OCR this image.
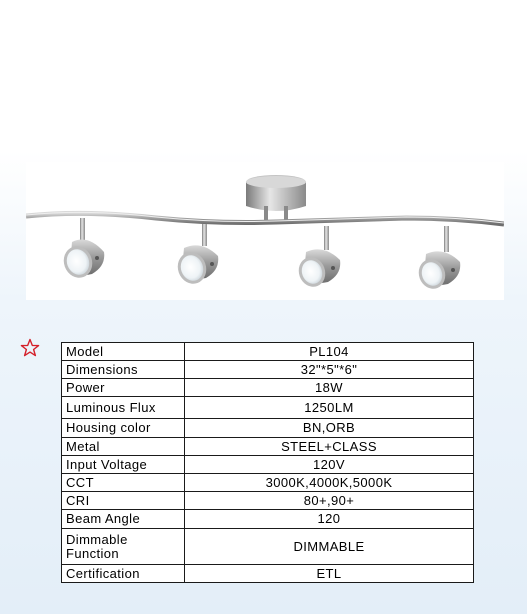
Model	PL104
Dimensions	32"*5"*6"
Power	18W
Luminous Flux	1250LM
Housing color	BN,ORB
Metal	STEEL+CLASS
Input Voltage	120V
CCT	3000K,4000K,5000K
CRI	80+,90+
Beam Angle	120
Dimmable Function	DIMMABLE
Certification	ETL
